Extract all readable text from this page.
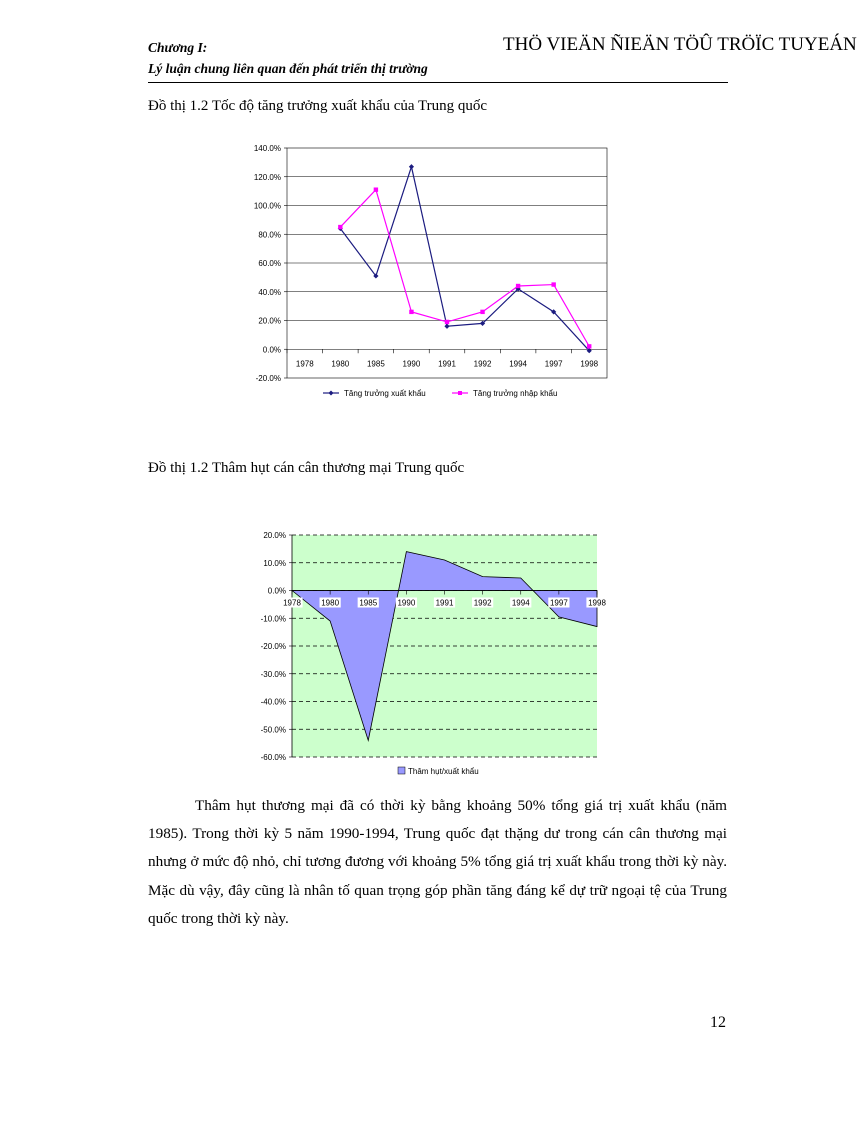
Chương I:
Lý luận chung liên quan đến phát triển thị trường
THÖ VIEÄN ÑIEÄN TÖÛ TRÖÏC TUYEÁN
Đồ thị 1.2 Tốc độ tăng trưởng xuất khẩu của Trung quốc
Đồ thị 1.2 Thâm hụt cán cân thương mại Trung quốc
140.0%
120.0%
100.0%
80.0%
60.0%
40.0%
20.0%
0.0%
-20.0%
1978 1980 1985 1990 1991 1992 1994 1997 1998
Tăng trưởng xuất khẩu	Tăng trưởng nhập khẩu
20.0%
10.0%
0.0%
-10.0%
-20.0%
-30.0%
-40.0%
-50.0%
-60.0%
1978	1980	1985	1990	1991	1992	1994	1997	1998
Thâm hụt/xuất khẩu

Thâm hụt thương mại đã có thời kỳ bằng khoảng 50% tổng giá trị xuất khẩu (năm 1985). Trong thời kỳ 5 năm 1990-1994, Trung quốc đạt thặng dư trong cán cân thương mại nhưng ở mức độ nhỏ, chỉ tương đương với khoảng 5% tổng giá trị xuất khẩu trong thời kỳ này. Mặc dù vậy, đây cũng là nhân tố quan trọng góp phần tăng đáng kể dự trữ ngoại tệ của Trung quốc trong thời kỳ này.

12
